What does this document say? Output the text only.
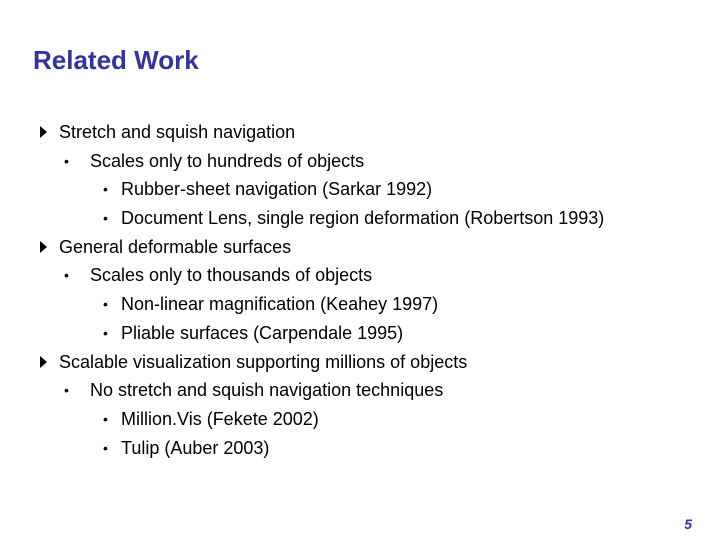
Related Work
Stretch and squish navigation
• Scales only to hundreds of objects
• Rubber-sheet navigation (Sarkar 1992)
• Document Lens, single region deformation (Robertson 1993)
General deformable surfaces
• Scales only to thousands of objects
• Non-linear magnification (Keahey 1997)
• Pliable surfaces (Carpendale 1995)
Scalable visualization supporting millions of objects
• No stretch and squish navigation techniques
• Million.Vis (Fekete 2002)
• Tulip (Auber 2003)
5
